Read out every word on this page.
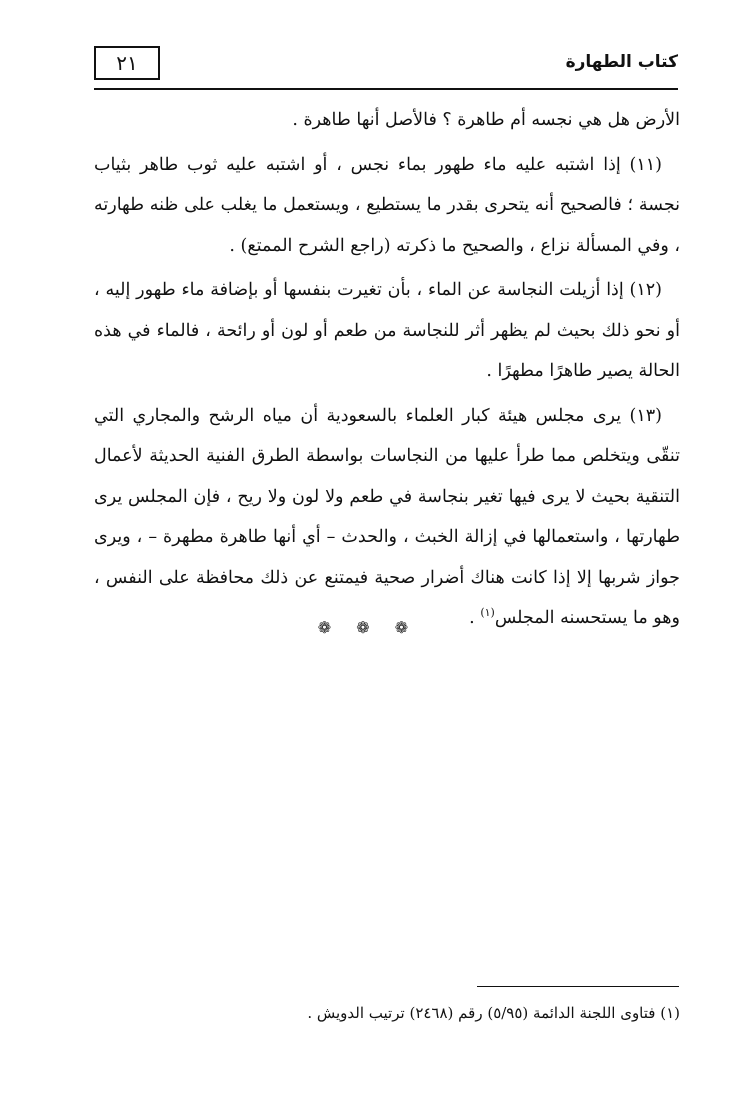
٢١	كتاب الطهارة

الأرض هل هي نجسه أم طاهرة ؟ فالأصل أنها طاهرة .

(١١) إذا اشتبه عليه ماء طهور بماء نجس ، أو اشتبه عليه ثوب طاهر بثياب نجسة ؛ فالصحيح أنه يتحرى بقدر ما يستطيع ، ويستعمل ما يغلب على ظنه طهارته ، وفي المسألة نزاع ، والصحيح ما ذكرته (راجع الشرح الممتع) .

(١٢) إذا أزيلت النجاسة عن الماء ، بأن تغيرت بنفسها أو بإضافة ماء طهور إليه ، أو نحو ذلك بحيث لم يظهر أثر للنجاسة من طعم أو لون أو رائحة ، فالماء في هذه الحالة يصير طاهرًا مطهرًا .

(١٣) يرى مجلس هيئة كبار العلماء بالسعودية أن مياه الرشح والمجاري التي تنقّى ويتخلص مما طرأ عليها من النجاسات بواسطة الطرق الفنية الحديثة لأعمال التنقية بحيث لا يرى فيها تغير بنجاسة في طعم ولا لون ولا ريح ، فإن المجلس يرى طهارتها ، واستعمالها في إزالة الخبث ، والحدث – أي أنها طاهرة مطهرة – ، ويرى جواز شربها إلا إذا كانت هناك أضرار صحية فيمتنع عن ذلك محافظة على النفس ، وهو ما يستحسنه المجلس$^{(١)}$ .

❁ ❁ ❁
(١) فتاوى اللجنة الدائمة (٥/٩٥) رقم (٢٤٦٨) ترتيب الدويش .
